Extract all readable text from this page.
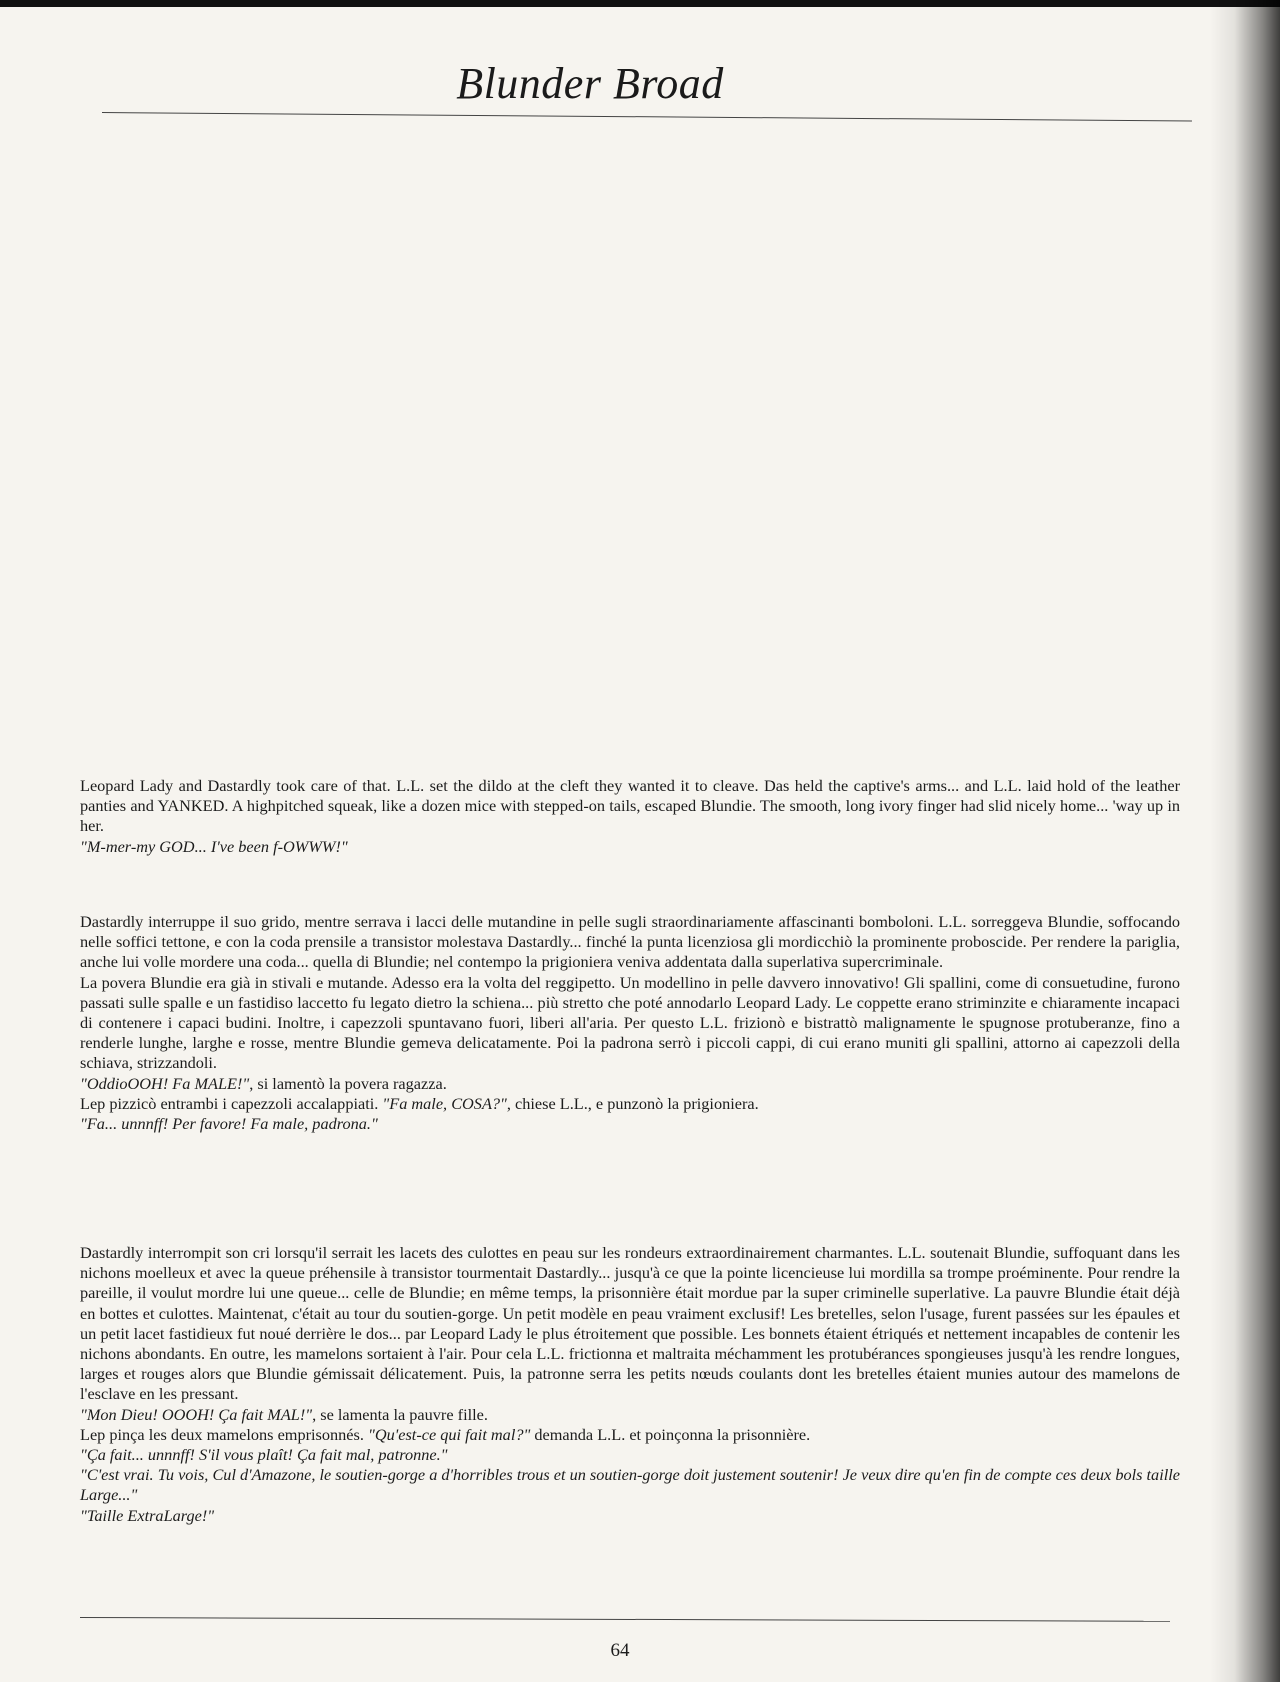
Blunder Broad

Leopard Lady and Dastardly took care of that. L.L. set the dildo at the cleft they wanted it to cleave. Das held the captive's arms... and L.L. laid hold of the leather panties and YANKED. A highpitched squeak, like a dozen mice with stepped-on tails, escaped Blundie. The smooth, long ivory finger had slid nicely home... 'way up in her.

"M-mer-my GOD... I've been f-OWWW!"

Dastardly interruppe il suo grido, mentre serrava i lacci delle mutandine in pelle sugli straordinariamente affascinanti bomboloni. L.L. sorreggeva Blundie, soffocando nelle soffici tettone, e con la coda prensile a transistor molestava Dastardly... finché la punta licenziosa gli mordicchiò la prominente proboscide. Per rendere la pariglia, anche lui volle mordere una coda... quella di Blundie; nel contempo la prigioniera veniva addentata dalla superlativa supercriminale.

La povera Blundie era già in stivali e mutande. Adesso era la volta del reggipetto. Un modellino in pelle davvero innovativo! Gli spallini, come di consuetudine, furono passati sulle spalle e un fastidiso laccetto fu legato dietro la schiena... più stretto che poté annodarlo Leopard Lady. Le coppette erano striminzite e chiaramente incapaci di contenere i capaci budini. Inoltre, i capezzoli spuntavano fuori, liberi all'aria. Per questo L.L. frizionò e bistrattò malignamente le spugnose protuberanze, fino a renderle lunghe, larghe e rosse, mentre Blundie gemeva delicatamente. Poi la padrona serrò i piccoli cappi, di cui erano muniti gli spallini, attorno ai capezzoli della schiava, strizzandoli.

"OddioOOH! Fa MALE!", si lamentò la povera ragazza.

Lep pizzicò entrambi i capezzoli accalappiati. "Fa male, COSA?", chiese L.L., e punzonò la prigioniera.

"Fa... unnnff! Per favore! Fa male, padrona."

Dastardly interrompit son cri lorsqu'il serrait les lacets des culottes en peau sur les rondeurs extraordinairement charmantes. L.L. soutenait Blundie, suffoquant dans les nichons moelleux et avec la queue préhensile à transistor tourmentait Dastardly... jusqu'à ce que la pointe licencieuse lui mordilla sa trompe proéminente. Pour rendre la pareille, il voulut mordre lui une queue... celle de Blundie; en même temps, la prisonnière était mordue par la super criminelle superlative. La pauvre Blundie était déjà en bottes et culottes. Maintenat, c'était au tour du soutien-gorge. Un petit modèle en peau vraiment exclusif! Les bretelles, selon l'usage, furent passées sur les épaules et un petit lacet fastidieux fut noué derrière le dos... par Leopard Lady le plus étroitement que possible. Les bonnets étaient étriqués et nettement incapables de contenir les nichons abondants. En outre, les mamelons sortaient à l'air. Pour cela L.L. frictionna et maltraita méchamment les protubérances spongieuses jusqu'à les rendre longues, larges et rouges alors que Blundie gémissait délicatement. Puis, la patronne serra les petits nœuds coulants dont les bretelles étaient munies autour des mamelons de l'esclave en les pressant.

"Mon Dieu! OOOH! Ça fait MAL!", se lamenta la pauvre fille.

Lep pinça les deux mamelons emprisonnés. "Qu'est-ce qui fait mal?" demanda L.L. et poinçonna la prisonnière.

"Ça fait... unnnff! S'il vous plaît! Ça fait mal, patronne."

"C'est vrai. Tu vois, Cul d'Amazone, le soutien-gorge a d'horribles trous et un soutien-gorge doit justement soutenir! Je veux dire qu'en fin de compte ces deux bols taille Large..."

"Taille ExtraLarge!"

64
